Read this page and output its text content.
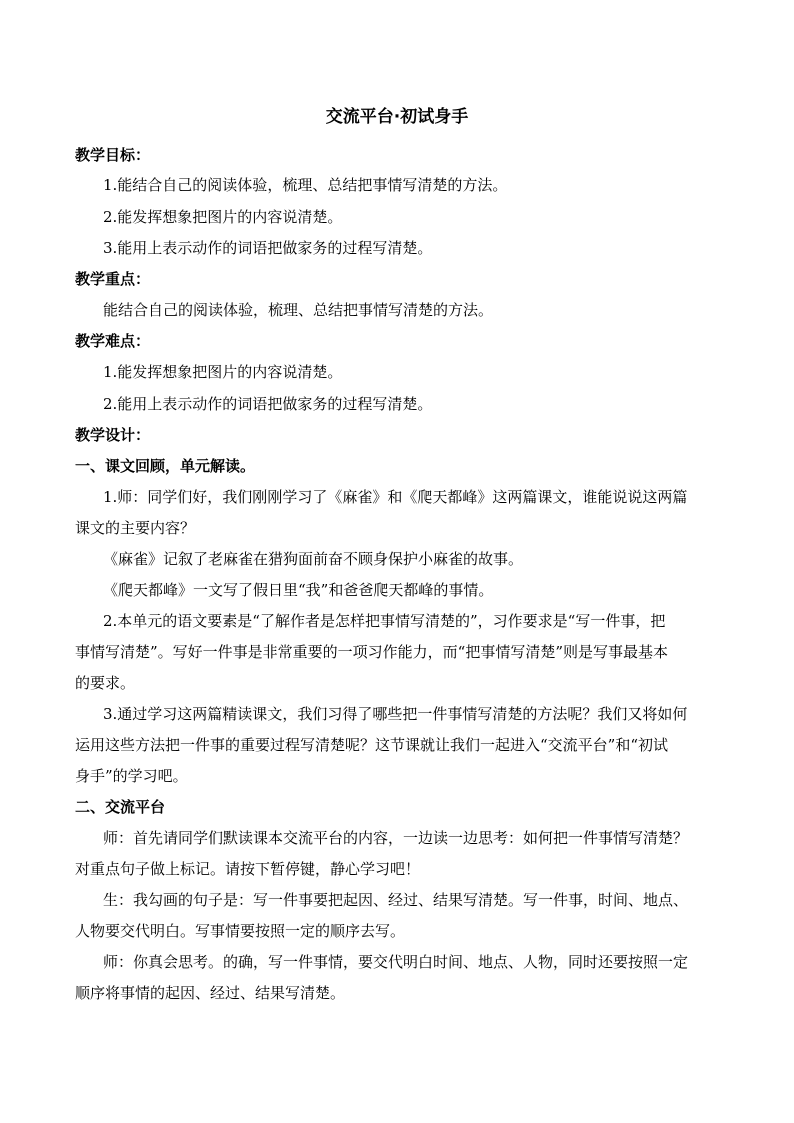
交流平台·初试身手
教学目标：
1.能结合自己的阅读体验，梳理、总结把事情写清楚的方法。
2.能发挥想象把图片的内容说清楚。
3.能用上表示动作的词语把做家务的过程写清楚。
教学重点：
能结合自己的阅读体验，梳理、总结把事情写清楚的方法。
教学难点：
1.能发挥想象把图片的内容说清楚。
2.能用上表示动作的词语把做家务的过程写清楚。
教学设计：
一、课文回顾，单元解读。
1.师：同学们好，我们刚刚学习了《麻雀》和《爬天都峰》这两篇课文，谁能说说这两篇
课文的主要内容？
《麻雀》记叙了老麻雀在猎狗面前奋不顾身保护小麻雀的故事。
《爬天都峰》一文写了假日里“我”和爸爸爬天都峰的事情。
2.本单元的语文要素是“了解作者是怎样把事情写清楚的”，习作要求是“写一件事，把
事情写清楚”。写好一件事是非常重要的一项习作能力，而“把事情写清楚”则是写事最基本
的要求。
3.通过学习这两篇精读课文，我们习得了哪些把一件事情写清楚的方法呢？我们又将如何
运用这些方法把一件事的重要过程写清楚呢？这节课就让我们一起进入“交流平台”和“初试
身手”的学习吧。
二、交流平台
师：首先请同学们默读课本交流平台的内容，一边读一边思考：如何把一件事情写清楚？
对重点句子做上标记。请按下暂停键，静心学习吧！
生：我勾画的句子是：写一件事要把起因、经过、结果写清楚。写一件事，时间、地点、
人物要交代明白。写事情要按照一定的顺序去写。
师：你真会思考。的确，写一件事情，要交代明白时间、地点、人物，同时还要按照一定
顺序将事情的起因、经过、结果写清楚。
